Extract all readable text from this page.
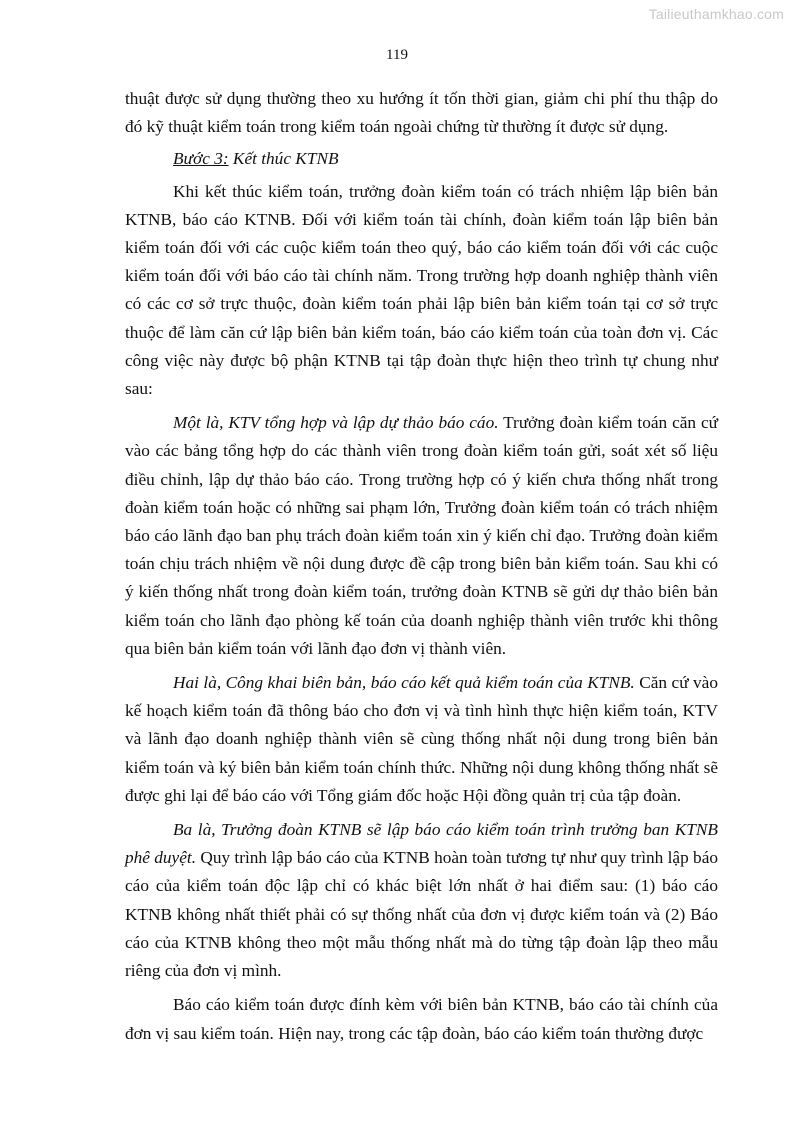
Tailieuthamkhao.com
119

thuật được sử dụng thường theo xu hướng ít tốn thời gian, giảm chi phí thu thập do đó kỹ thuật kiểm toán trong kiểm toán ngoài chứng từ thường ít được sử dụng.

Bước 3: Kết thúc KTNB

Khi kết thúc kiểm toán, trưởng đoàn kiểm toán có trách nhiệm lập biên bản KTNB, báo cáo KTNB. Đối với kiểm toán tài chính, đoàn kiểm toán lập biên bản kiểm toán đối với các cuộc kiểm toán theo quý, báo cáo kiểm toán đối với các cuộc kiểm toán đối với báo cáo tài chính năm. Trong trường hợp doanh nghiệp thành viên có các cơ sở trực thuộc, đoàn kiểm toán phải lập biên bản kiểm toán tại cơ sở trực thuộc để làm căn cứ lập biên bản kiểm toán, báo cáo kiểm toán của toàn đơn vị. Các công việc này được bộ phận KTNB tại tập đoàn thực hiện theo trình tự chung như sau:

Một là, KTV tổng hợp và lập dự thảo báo cáo. Trưởng đoàn kiểm toán căn cứ vào các bảng tổng hợp do các thành viên trong đoàn kiểm toán gửi, soát xét số liệu điều chỉnh, lập dự thảo báo cáo. Trong trường hợp có ý kiến chưa thống nhất trong đoàn kiểm toán hoặc có những sai phạm lớn, Trưởng đoàn kiểm toán có trách nhiệm báo cáo lãnh đạo ban phụ trách đoàn kiểm toán xin ý kiến chỉ đạo. Trưởng đoàn kiểm toán chịu trách nhiệm về nội dung được đề cập trong biên bản kiểm toán. Sau khi có ý kiến thống nhất trong đoàn kiểm toán, trưởng đoàn KTNB sẽ gửi dự thảo biên bản kiểm toán cho lãnh đạo phòng kế toán của doanh nghiệp thành viên trước khi thông qua biên bản kiểm toán với lãnh đạo đơn vị thành viên.

Hai là, Công khai biên bản, báo cáo kết quả kiểm toán của KTNB. Căn cứ vào kế hoạch kiểm toán đã thông báo cho đơn vị và tình hình thực hiện kiểm toán, KTV và lãnh đạo doanh nghiệp thành viên sẽ cùng thống nhất nội dung trong biên bản kiểm toán và ký biên bản kiểm toán chính thức. Những nội dung không thống nhất sẽ được ghi lại để báo cáo với Tổng giám đốc hoặc Hội đồng quản trị của tập đoàn.

Ba là, Trưởng đoàn KTNB sẽ lập báo cáo kiểm toán trình trưởng ban KTNB phê duyệt. Quy trình lập báo cáo của KTNB hoàn toàn tương tự như quy trình lập báo cáo của kiểm toán độc lập chỉ có khác biệt lớn nhất ở hai điểm sau: (1) báo cáo KTNB không nhất thiết phải có sự thống nhất của đơn vị được kiểm toán và (2) Báo cáo của KTNB không theo một mẫu thống nhất mà do từng tập đoàn lập theo mẫu riêng của đơn vị mình.

Báo cáo kiểm toán được đính kèm với biên bản KTNB, báo cáo tài chính của đơn vị sau kiểm toán. Hiện nay, trong các tập đoàn, báo cáo kiểm toán thường được
